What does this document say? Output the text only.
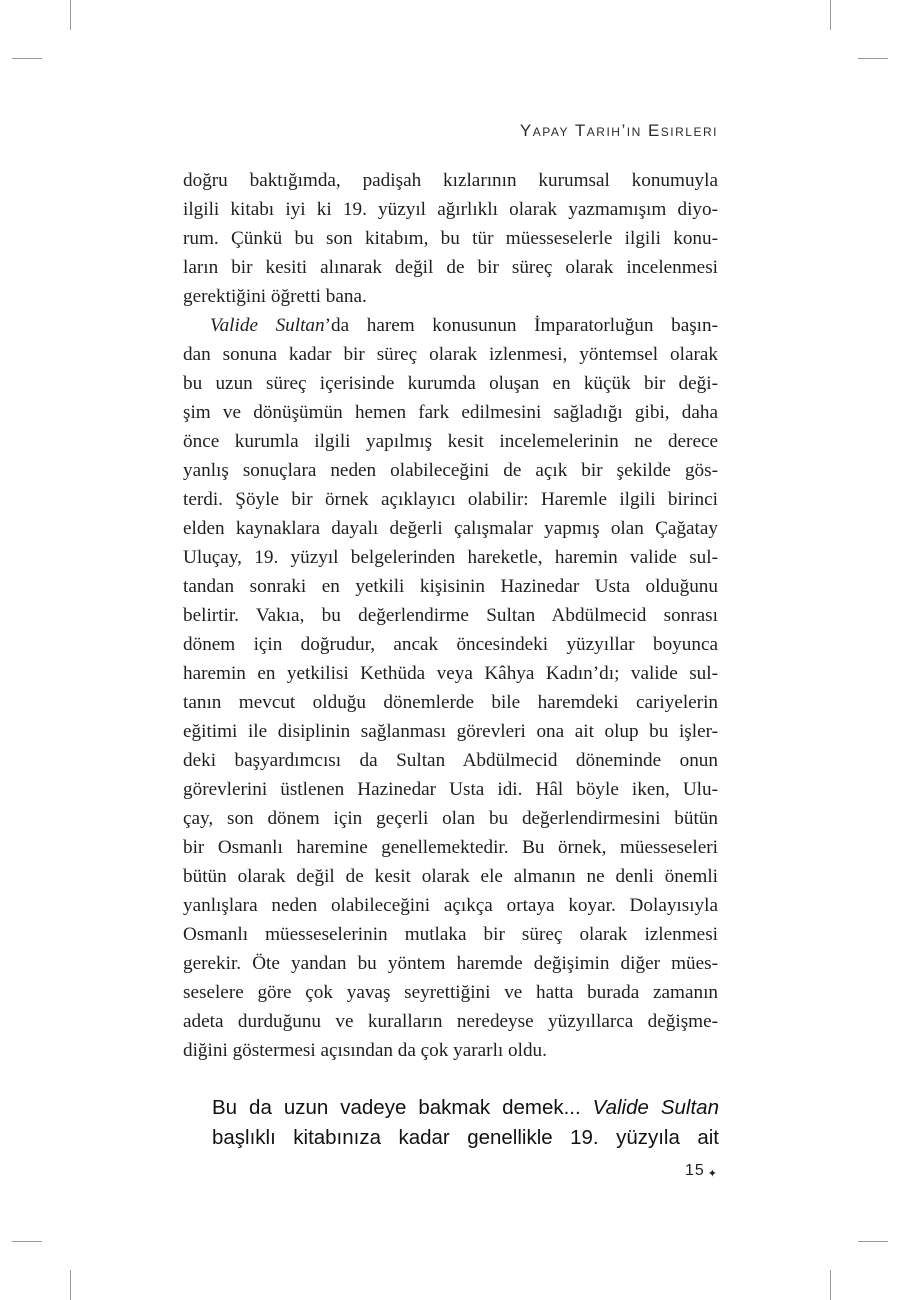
Yapay Tarih’in Esirleri
doğru baktığımda, padişah kızlarının kurumsal konumuyla
ilgili kitabı iyi ki 19. yüzyıl ağırlıklı olarak yazmamışım diyo-
rum. Çünkü bu son kitabım, bu tür müesseselerle ilgili konu-
ların bir kesiti alınarak değil de bir süreç olarak incelenmesi
gerektiğini öğretti bana.
Valide Sultan’da harem konusunun İmparatorluğun başın-
dan sonuna kadar bir süreç olarak izlenmesi, yöntemsel olarak
bu uzun süreç içerisinde kurumda oluşan en küçük bir deği-
şim ve dönüşümün hemen fark edilmesini sağladığı gibi, daha
önce kurumla ilgili yapılmış kesit incelemelerinin ne derece
yanlış sonuçlara neden olabileceğini de açık bir şekilde gös-
terdi. Şöyle bir örnek açıklayıcı olabilir: Haremle ilgili birinci
elden kaynaklara dayalı değerli çalışmalar yapmış olan Çağatay
Uluçay, 19. yüzyıl belgelerinden hareketle, haremin valide sul-
tandan sonraki en yetkili kişisinin Hazinedar Usta olduğunu
belirtir. Vakıa, bu değerlendirme Sultan Abdülmecid sonrası
dönem için doğrudur, ancak öncesindeki yüzyıllar boyunca
haremin en yetkilisi Kethüda veya Kâhya Kadın’dı; valide sul-
tanın mevcut olduğu dönemlerde bile haremdeki cariyelerin
eğitimi ile disiplinin sağlanması görevleri ona ait olup bu işler-
deki başyardımcısı da Sultan Abdülmecid döneminde onun
görevlerini üstlenen Hazinedar Usta idi. Hâl böyle iken, Ulu-
çay, son dönem için geçerli olan bu değerlendirmesini bütün
bir Osmanlı haremine genellemektedir. Bu örnek, müesseseleri
bütün olarak değil de kesit olarak ele almanın ne denli önemli
yanlışlara neden olabileceğini açıkça ortaya koyar. Dolayısıyla
Osmanlı müesseselerinin mutlaka bir süreç olarak izlenmesi
gerekir. Öte yandan bu yöntem haremde değişimin diğer mües-
seselere göre çok yavaş seyrettiğini ve hatta burada zamanın
adeta durduğunu ve kuralların neredeyse yüzyıllarca değişme-
diğini göstermesi açısından da çok yararlı oldu.
Bu da uzun vadeye bakmak demek... Valide Sultan
başlıklı kitabınıza kadar genellikle 19. yüzyıla ait
15 ✦
